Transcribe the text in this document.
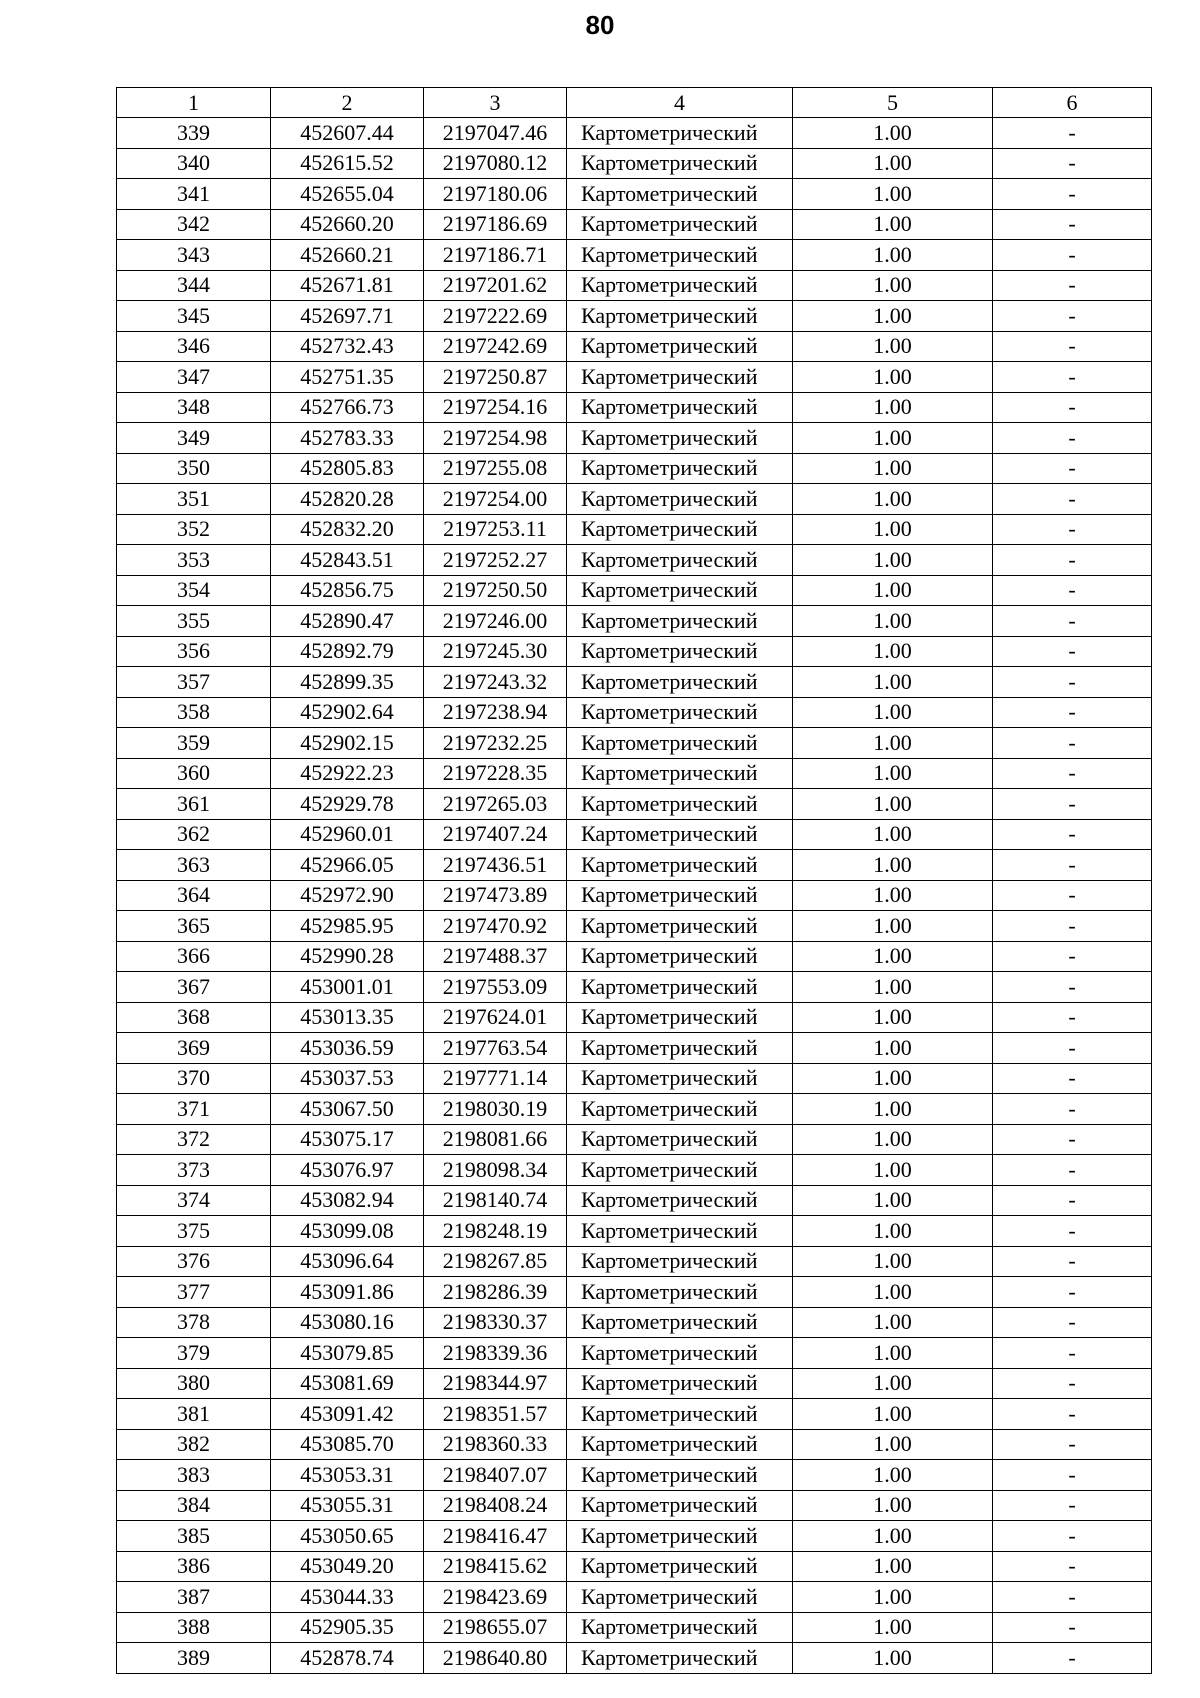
80
1	2	3	4	5	6
339	452607.44	2197047.46	Картометрический	1.00	-
340	452615.52	2197080.12	Картометрический	1.00	-
341	452655.04	2197180.06	Картометрический	1.00	-
342	452660.20	2197186.69	Картометрический	1.00	-
343	452660.21	2197186.71	Картометрический	1.00	-
344	452671.81	2197201.62	Картометрический	1.00	-
345	452697.71	2197222.69	Картометрический	1.00	-
346	452732.43	2197242.69	Картометрический	1.00	-
347	452751.35	2197250.87	Картометрический	1.00	-
348	452766.73	2197254.16	Картометрический	1.00	-
349	452783.33	2197254.98	Картометрический	1.00	-
350	452805.83	2197255.08	Картометрический	1.00	-
351	452820.28	2197254.00	Картометрический	1.00	-
352	452832.20	2197253.11	Картометрический	1.00	-
353	452843.51	2197252.27	Картометрический	1.00	-
354	452856.75	2197250.50	Картометрический	1.00	-
355	452890.47	2197246.00	Картометрический	1.00	-
356	452892.79	2197245.30	Картометрический	1.00	-
357	452899.35	2197243.32	Картометрический	1.00	-
358	452902.64	2197238.94	Картометрический	1.00	-
359	452902.15	2197232.25	Картометрический	1.00	-
360	452922.23	2197228.35	Картометрический	1.00	-
361	452929.78	2197265.03	Картометрический	1.00	-
362	452960.01	2197407.24	Картометрический	1.00	-
363	452966.05	2197436.51	Картометрический	1.00	-
364	452972.90	2197473.89	Картометрический	1.00	-
365	452985.95	2197470.92	Картометрический	1.00	-
366	452990.28	2197488.37	Картометрический	1.00	-
367	453001.01	2197553.09	Картометрический	1.00	-
368	453013.35	2197624.01	Картометрический	1.00	-
369	453036.59	2197763.54	Картометрический	1.00	-
370	453037.53	2197771.14	Картометрический	1.00	-
371	453067.50	2198030.19	Картометрический	1.00	-
372	453075.17	2198081.66	Картометрический	1.00	-
373	453076.97	2198098.34	Картометрический	1.00	-
374	453082.94	2198140.74	Картометрический	1.00	-
375	453099.08	2198248.19	Картометрический	1.00	-
376	453096.64	2198267.85	Картометрический	1.00	-
377	453091.86	2198286.39	Картометрический	1.00	-
378	453080.16	2198330.37	Картометрический	1.00	-
379	453079.85	2198339.36	Картометрический	1.00	-
380	453081.69	2198344.97	Картометрический	1.00	-
381	453091.42	2198351.57	Картометрический	1.00	-
382	453085.70	2198360.33	Картометрический	1.00	-
383	453053.31	2198407.07	Картометрический	1.00	-
384	453055.31	2198408.24	Картометрический	1.00	-
385	453050.65	2198416.47	Картометрический	1.00	-
386	453049.20	2198415.62	Картометрический	1.00	-
387	453044.33	2198423.69	Картометрический	1.00	-
388	452905.35	2198655.07	Картометрический	1.00	-
389	452878.74	2198640.80	Картометрический	1.00	-
